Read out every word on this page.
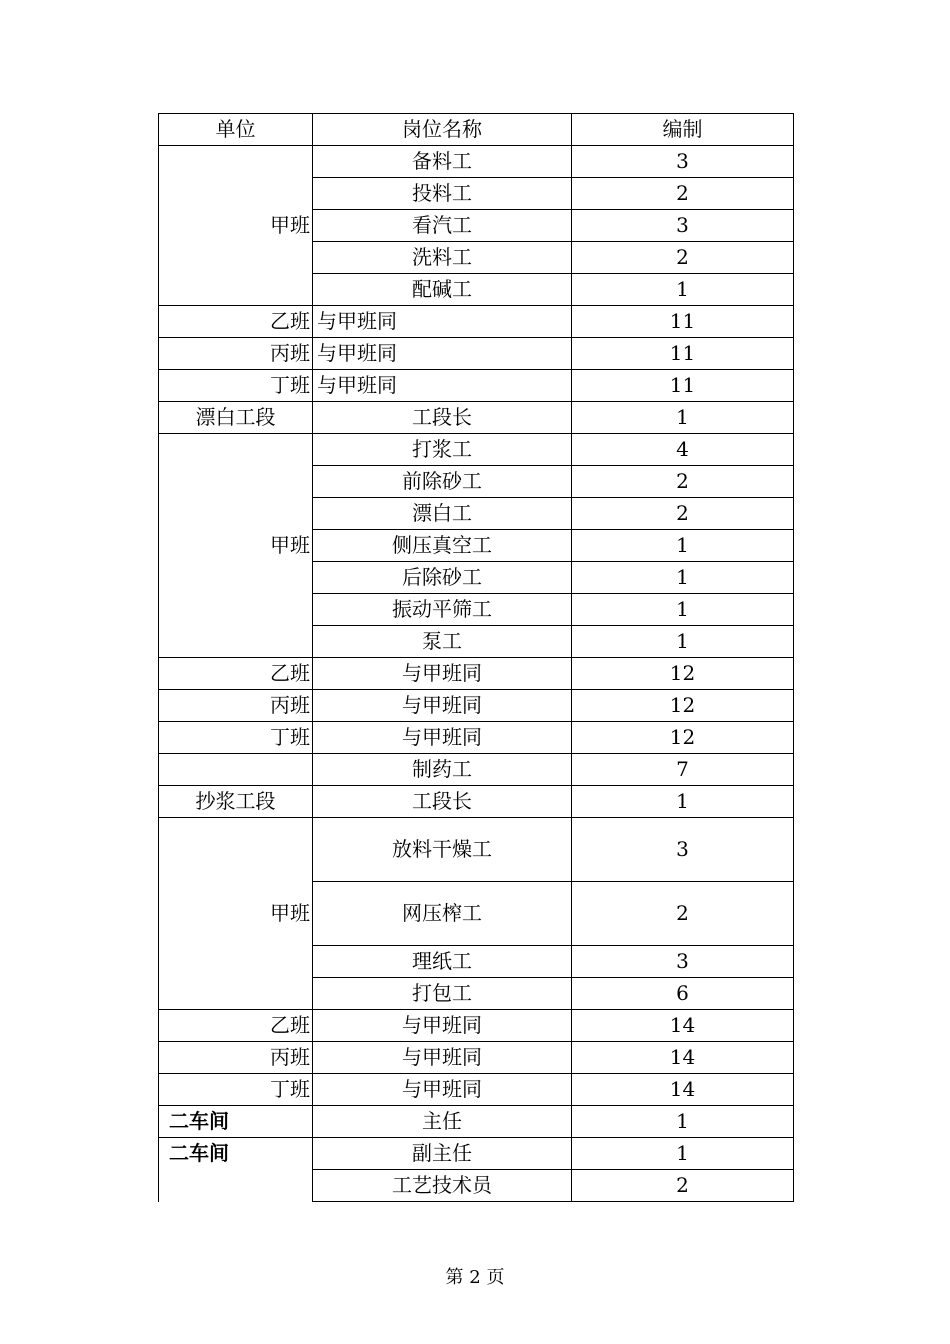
单位	岗位名称	编制
甲班	备料工	3
	投料工	2
	看汽工	3
	洗料工	2
	配碱工	1
乙班	与甲班同	11
丙班	与甲班同	11
丁班	与甲班同	11
漂白工段	工段长	1
甲班	打浆工	4
	前除砂工	2
	漂白工	2
	侧压真空工	1
	后除砂工	1
	振动平筛工	1
	泵工	1
乙班	与甲班同	12
丙班	与甲班同	12
丁班	与甲班同	12
	制药工	7
抄浆工段	工段长	1
甲班	放料干燥工	3
	网压榨工	2
	理纸工	3
	打包工	6
乙班	与甲班同	14
丙班	与甲班同	14
丁班	与甲班同	14
二车间	主任	1
二车间	副主任	1
	工艺技术员	2
第 2 页
